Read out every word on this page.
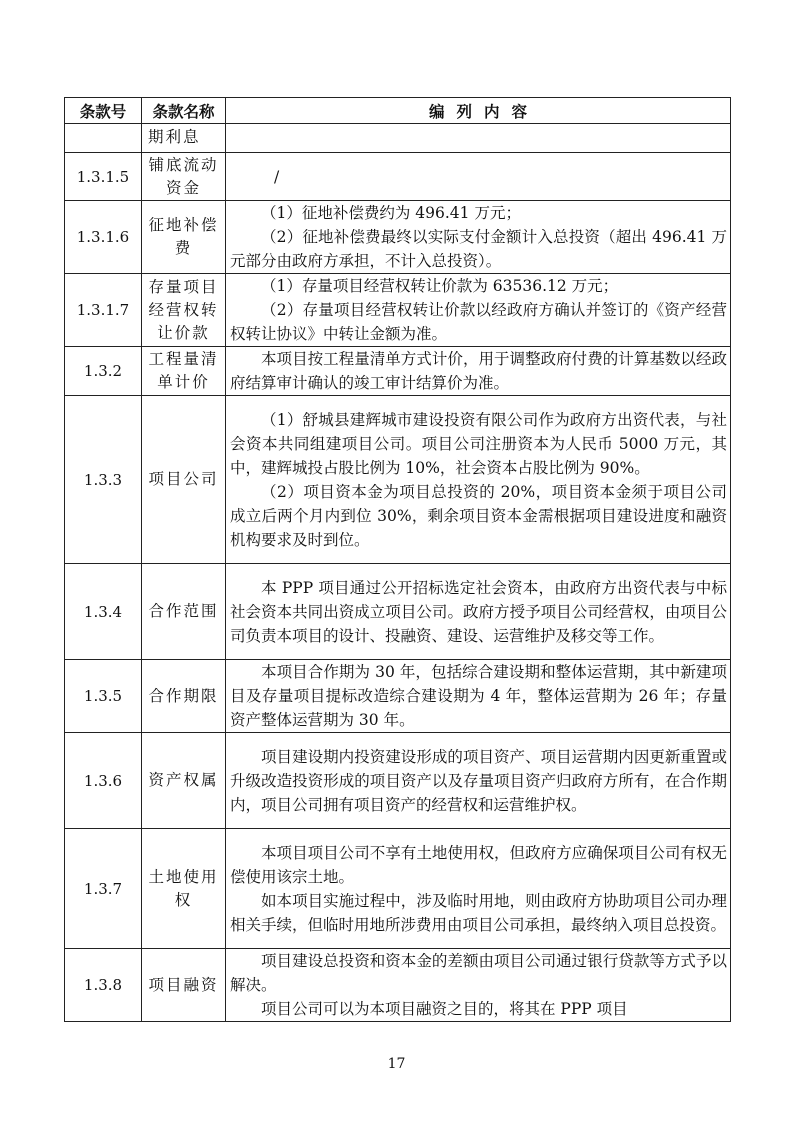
条款号	条款名称	编列内容
	期利息	

1.3.1.5	铺底流动资金	/

1.3.1.6	征地补偿费	（1）征地补偿费约为 496.41 万元；

（2）征地补偿费最终以实际支付金额计入总投资（超出 496.41 万元部分由政府方承担，不计入总投资）。

1.3.1.7	存量项目经营权转让价款	（1）存量项目经营权转让价款为 63536.12 万元；

（2）存量项目经营权转让价款以经政府方确认并签订的《资产经营权转让协议》中转让金额为准。

1.3.2	工程量清单计价	本项目按工程量清单方式计价，用于调整政府付费的计算基数以经政府结算审计确认的竣工审计结算价为准。

1.3.3	项目公司	（1）舒城县建辉城市建设投资有限公司作为政府方出资代表，与社会资本共同组建项目公司。项目公司注册资本为人民币 5000 万元，其中，建辉城投占股比例为 10%，社会资本占股比例为 90%。

（2）项目资本金为项目总投资的 20%，项目资本金须于项目公司成立后两个月内到位 30%，剩余项目资本金需根据项目建设进度和融资机构要求及时到位。

1.3.4	合作范围	本 PPP 项目通过公开招标选定社会资本，由政府方出资代表与中标社会资本共同出资成立项目公司。政府方授予项目公司经营权，由项目公司负责本项目的设计、投融资、建设、运营维护及移交等工作。

1.3.5	合作期限	本项目合作期为 30 年，包括综合建设期和整体运营期，其中新建项目及存量项目提标改造综合建设期为 4 年，整体运营期为 26 年；存量资产整体运营期为 30 年。

1.3.6	资产权属	项目建设期内投资建设形成的项目资产、项目运营期内因更新重置或升级改造投资形成的项目资产以及存量项目资产归政府方所有，在合作期内，项目公司拥有项目资产的经营权和运营维护权。

1.3.7	土地使用权	本项目项目公司不享有土地使用权，但政府方应确保项目公司有权无偿使用该宗土地。

如本项目实施过程中，涉及临时用地，则由政府方协助项目公司办理相关手续，但临时用地所涉费用由项目公司承担，最终纳入项目总投资。

1.3.8	项目融资	项目建设总投资和资本金的差额由项目公司通过银行贷款等方式予以解决。

项目公司可以为本项目融资之目的，将其在 PPP 项目

17
